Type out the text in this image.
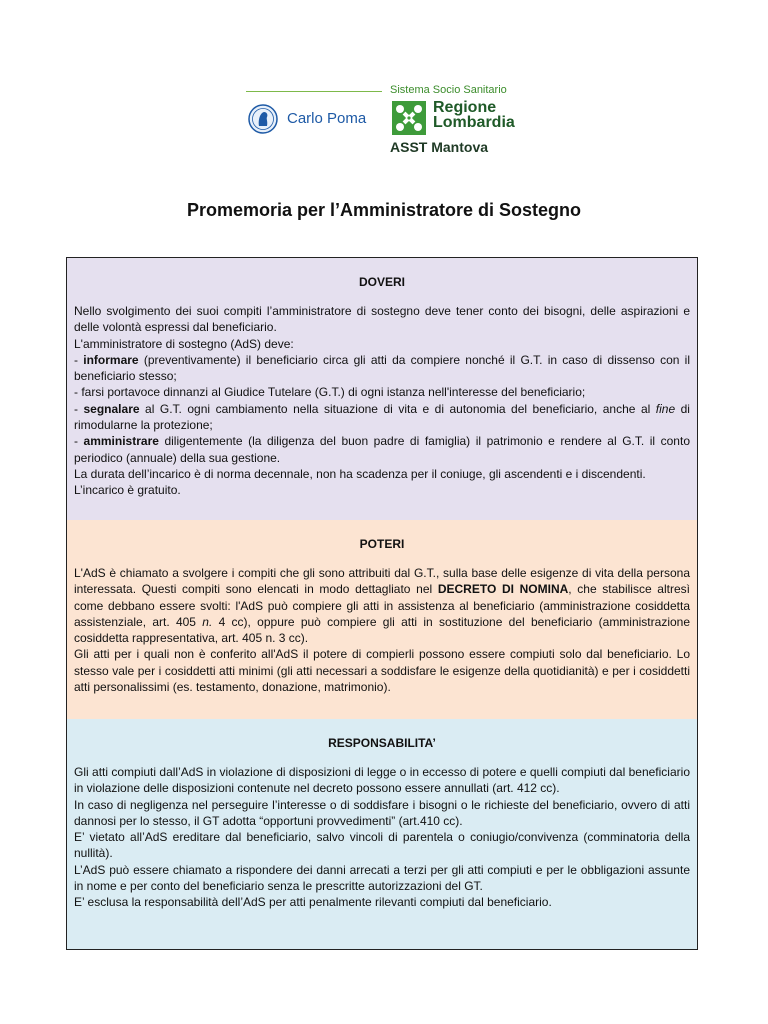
Sistema Socio Sanitario
Carlo Poma
Regione
Lombardia
ASST Mantova
Promemoria per l’Amministratore di Sostegno
DOVERI

Nello svolgimento dei suoi compiti l’amministratore di sostegno deve tener conto dei bisogni, delle aspirazioni e delle volontà espressi dal beneficiario.

L'amministratore di sostegno (AdS) deve:

- informare (preventivamente) il beneficiario circa gli atti da compiere nonché il G.T. in caso di dissenso con il beneficiario stesso;

- farsi portavoce dinnanzi al Giudice Tutelare (G.T.) di ogni istanza nell'interesse del beneficiario;

- segnalare al G.T. ogni cambiamento nella situazione di vita e di autonomia del beneficiario, anche al fine di rimodularne la protezione;

- amministrare diligentemente (la diligenza del buon padre di famiglia) il patrimonio e rendere al G.T. il conto periodico (annuale) della sua gestione.

La durata dell’incarico è di norma decennale, non ha scadenza per il coniuge, gli ascendenti e i discendenti.

L’incarico è gratuito.

POTERI

L'AdS è chiamato a svolgere i compiti che gli sono attribuiti dal G.T., sulla base delle esigenze di vita della persona interessata. Questi compiti sono elencati in modo dettagliato nel DECRETO DI NOMINA, che stabilisce altresì come debbano essere svolti: l'AdS può compiere gli atti in assistenza al beneficiario (amministrazione cosiddetta assistenziale, art. 405 n. 4 cc), oppure può compiere gli atti in sostituzione del beneficiario (amministrazione cosiddetta rappresentativa, art. 405 n. 3 cc).

Gli atti per i quali non è conferito all'AdS il potere di compierli possono essere compiuti solo dal beneficiario. Lo stesso vale per i cosiddetti atti minimi (gli atti necessari a soddisfare le esigenze della quotidianità) e per i cosiddetti atti personalissimi (es. testamento, donazione, matrimonio).

RESPONSABILITA’

Gli atti compiuti dall’AdS in violazione di disposizioni di legge o in eccesso di potere e quelli compiuti dal beneficiario in violazione delle disposizioni contenute nel decreto possono essere annullati (art. 412 cc).

In caso di negligenza nel perseguire l’interesse o di soddisfare i bisogni o le richieste del beneficiario, ovvero di atti dannosi per lo stesso, il GT adotta “opportuni provvedimenti” (art.410 cc).

E’ vietato all’AdS ereditare dal beneficiario, salvo vincoli di parentela o coniugio/convivenza (comminatoria della nullità).

L’AdS può essere chiamato a rispondere dei danni arrecati a terzi per gli atti compiuti e per le obbligazioni assunte in nome e per conto del beneficiario senza le prescritte autorizzazioni del GT.

E’ esclusa la responsabilità dell’AdS per atti penalmente rilevanti compiuti dal beneficiario.
